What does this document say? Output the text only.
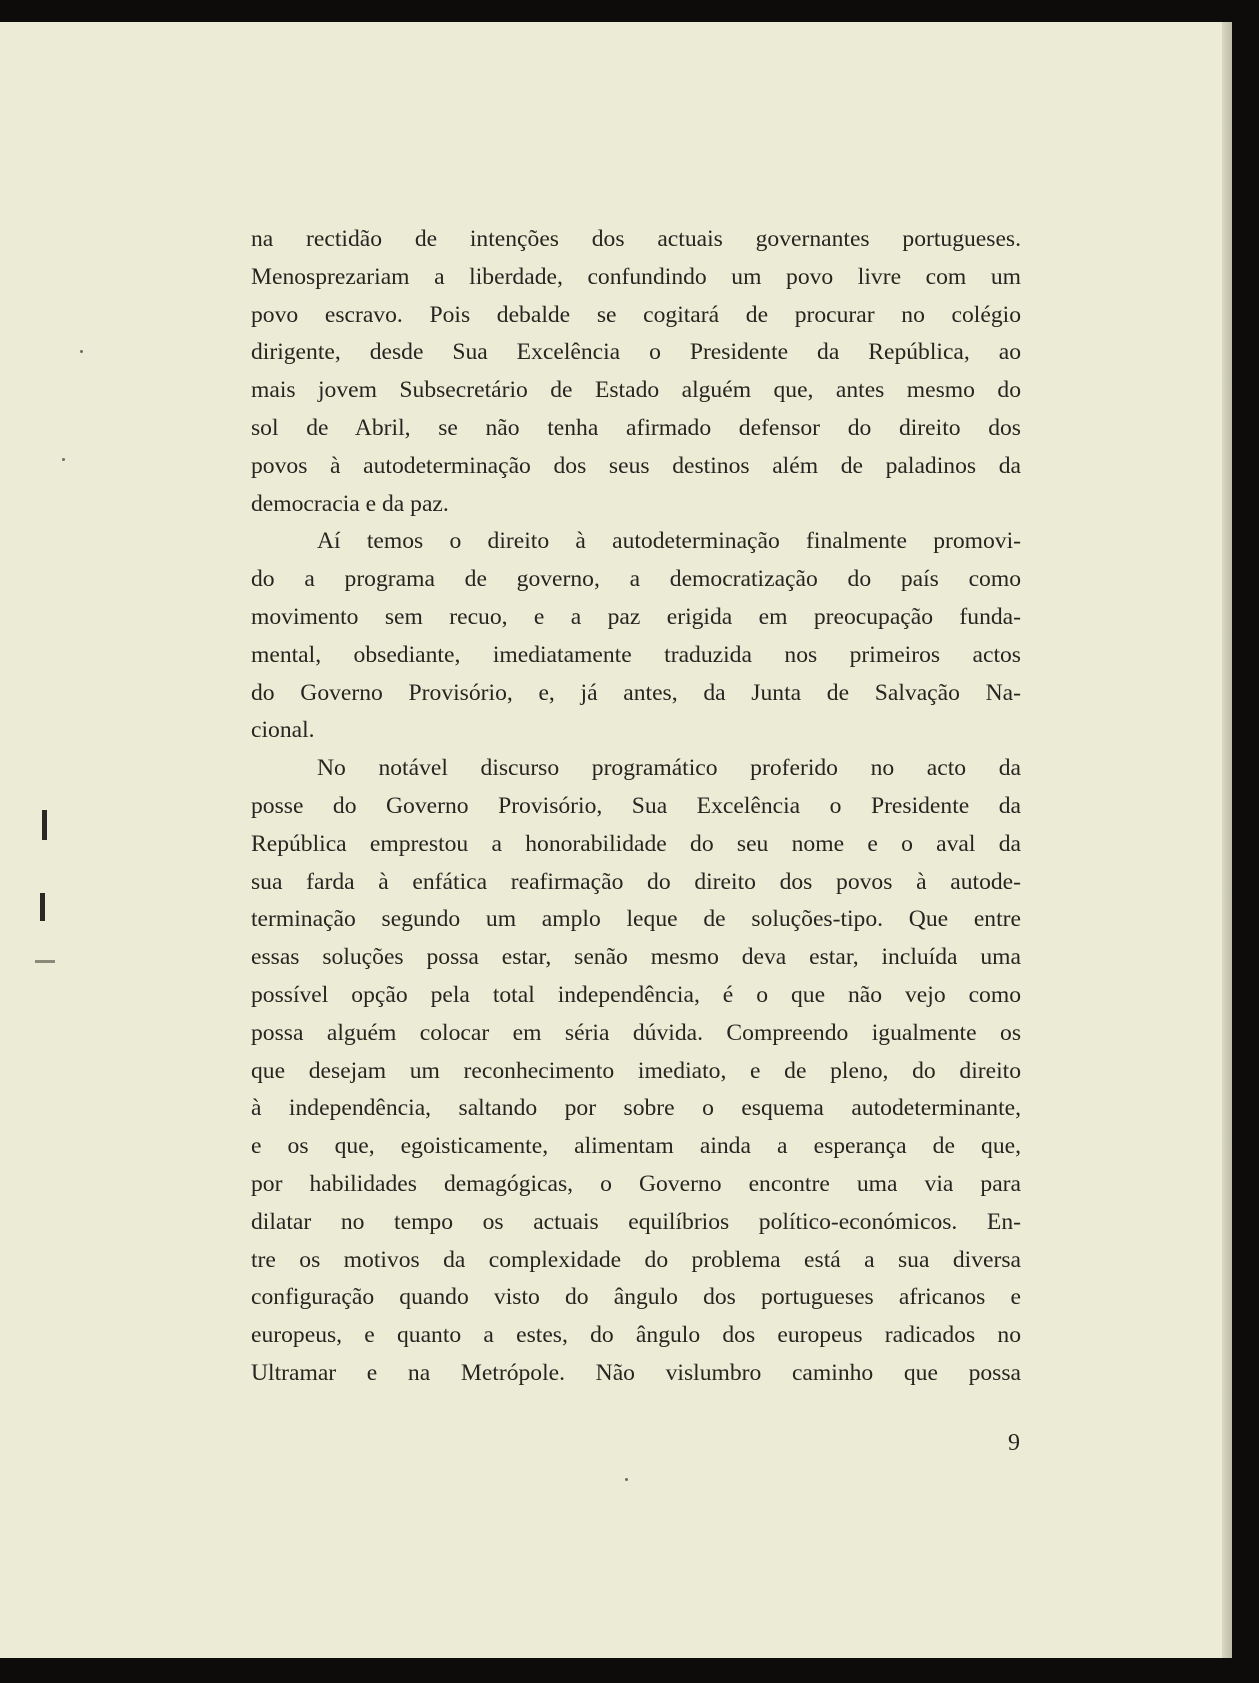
na rectidão de intenções dos actuais governantes portugueses.
Menosprezariam a liberdade, confundindo um povo livre com um
povo escravo. Pois debalde se cogitará de procurar no colégio
dirigente, desde Sua Excelência o Presidente da República, ao
mais jovem Subsecretário de Estado alguém que, antes mesmo do
sol de Abril, se não tenha afirmado defensor do direito dos
povos à autodeterminação dos seus destinos além de paladinos da
democracia e da paz.
Aí temos o direito à autodeterminação finalmente promovi-
do a programa de governo, a democratização do país como
movimento sem recuo, e a paz erigida em preocupação funda-
mental, obsediante, imediatamente traduzida nos primeiros actos
do Governo Provisório, e, já antes, da Junta de Salvação Na-
cional.
No notável discurso programático proferido no acto da
posse do Governo Provisório, Sua Excelência o Presidente da
República emprestou a honorabilidade do seu nome e o aval da
sua farda à enfática reafirmação do direito dos povos à autode-
terminação segundo um amplo leque de soluções-tipo. Que entre
essas soluções possa estar, senão mesmo deva estar, incluída uma
possível opção pela total independência, é o que não vejo como
possa alguém colocar em séria dúvida. Compreendo igualmente os
que desejam um reconhecimento imediato, e de pleno, do direito
à independência, saltando por sobre o esquema autodeterminante,
e os que, egoisticamente, alimentam ainda a esperança de que,
por habilidades demagógicas, o Governo encontre uma via para
dilatar no tempo os actuais equilíbrios político-económicos. En-
tre os motivos da complexidade do problema está a sua diversa
configuração quando visto do ângulo dos portugueses africanos e
europeus, e quanto a estes, do ângulo dos europeus radicados no
Ultramar e na Metrópole. Não vislumbro caminho que possa
9
